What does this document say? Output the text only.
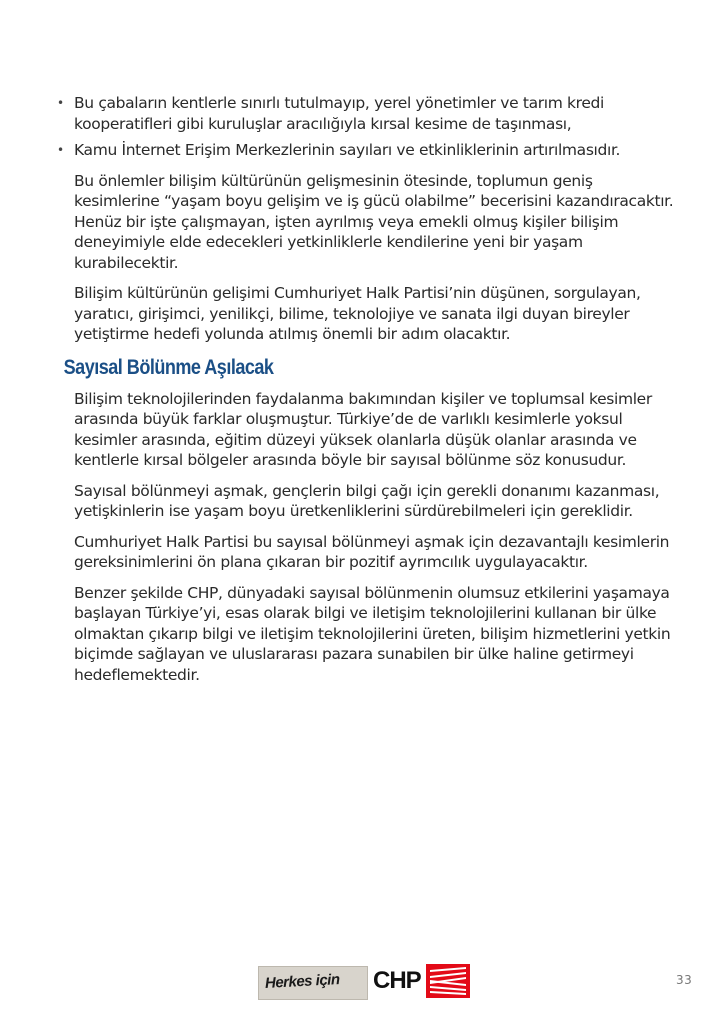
• Bu çabaların kentlerle sınırlı tutulmayıp, yerel yönetimler ve tarım kredi kooperatifleri gibi kuruluşlar aracılığıyla kırsal kesime de taşınması,
• Kamu İnternet Erişim Merkezlerinin sayıları ve etkinliklerinin artırılmasıdır.

Bu önlemler bilişim kültürünün gelişmesinin ötesinde, toplumun geniş kesimlerine “yaşam boyu gelişim ve iş gücü olabilme” becerisini kazandıracaktır. Henüz bir işte çalışmayan, işten ayrılmış veya emekli olmuş kişiler bilişim deneyimiyle elde edecekleri yetkinliklerle kendilerine yeni bir yaşam kurabilecektir.

Bilişim kültürünün gelişimi Cumhuriyet Halk Partisi’nin düşünen, sorgulayan, yaratıcı, girişimci, yenilikçi, bilime, teknolojiye ve sanata ilgi duyan bireyler yetiştirme hedefi yolunda atılmış önemli bir adım olacaktır.

Sayısal Bölünme Aşılacak

Bilişim teknolojilerinden faydalanma bakımından kişiler ve toplumsal kesimler arasında büyük farklar oluşmuştur. Türkiye’de de varlıklı kesimlerle yoksul kesimler arasında, eğitim düzeyi yüksek olanlarla düşük olanlar arasında ve kentlerle kırsal bölgeler arasında böyle bir sayısal bölünme söz konusudur.

Sayısal bölünmeyi aşmak, gençlerin bilgi çağı için gerekli donanımı kazanması, yetişkinlerin ise yaşam boyu üretkenliklerini sürdürebilmeleri için gereklidir.

Cumhuriyet Halk Partisi bu sayısal bölünmeyi aşmak için dezavantajlı kesimlerin gereksinimlerini ön plana çıkaran bir pozitif ayrımcılık uygulayacaktır.

Benzer şekilde CHP, dünyadaki sayısal bölünmenin olumsuz etkilerini yaşamaya başlayan Türkiye’yi, esas olarak bilgi ve iletişim teknolojilerini kullanan bir ülke olmaktan çıkarıp bilgi ve iletişim teknolojilerini üreten, bilişim hizmetlerini yetkin biçimde sağlayan ve uluslararası pazara sunabilen bir ülke haline getirmeyi hedeflemektedir.

Herkes için CHP	33
